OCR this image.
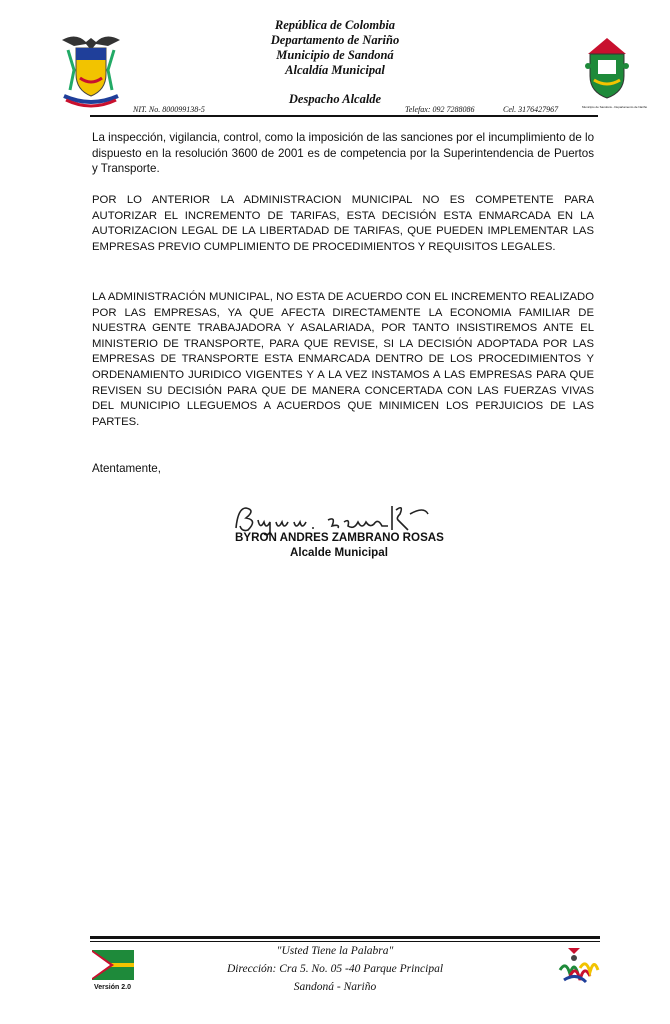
República de Colombia
Departamento de Nariño
Municipio de Sandoná
Alcaldía Municipal
Despacho Alcalde
NIT. No. 800099138-5	Telefax: 092 7288086	Cel. 3176427967	Municipio de Sandoná - Departamento de Nariño
La inspección, vigilancia, control, como la imposición de las sanciones por el incumplimiento de lo dispuesto en la resolución 3600 de 2001 es de competencia por la Superintendencia de Puertos y Transporte.
POR LO ANTERIOR LA ADMINISTRACION MUNICIPAL NO ES COMPETENTE PARA AUTORIZAR EL INCREMENTO DE TARIFAS, ESTA DECISIÓN ESTA ENMARCADA EN LA AUTORIZACION LEGAL DE LA LIBERTADAD DE TARIFAS, QUE PUEDEN IMPLEMENTAR LAS EMPRESAS PREVIO CUMPLIMIENTO DE PROCEDIMIENTOS Y REQUISITOS LEGALES.
LA ADMINISTRACIÓN MUNICIPAL, NO ESTA DE ACUERDO CON EL INCREMENTO REALIZADO POR LAS EMPRESAS, YA QUE AFECTA DIRECTAMENTE LA ECONOMIA FAMILIAR DE NUESTRA GENTE TRABAJADORA Y ASALARIADA, POR TANTO INSISTIREMOS ANTE EL MINISTERIO DE TRANSPORTE, PARA QUE REVISE, SI LA DECISIÓN ADOPTADA POR LAS EMPRESAS DE TRANSPORTE ESTA ENMARCADA DENTRO DE LOS PROCEDIMIENTOS Y ORDENAMIENTO JURIDICO VIGENTES Y A LA VEZ INSTAMOS A LAS EMPRESAS PARA QUE REVISEN SU DECISIÓN PARA QUE DE MANERA CONCERTADA CON LAS FUERZAS VIVAS DEL MUNICIPIO LLEGUEMOS A ACUERDOS QUE MINIMICEN LOS PERJUICIOS DE LAS PARTES.
Atentamente,
BYRON ANDRES ZAMBRANO ROSAS
Alcalde Municipal
Versión 2.0
"Usted Tiene la Palabra"
Dirección: Cra 5. No. 05 -40 Parque Principal
Sandoná - Nariño
